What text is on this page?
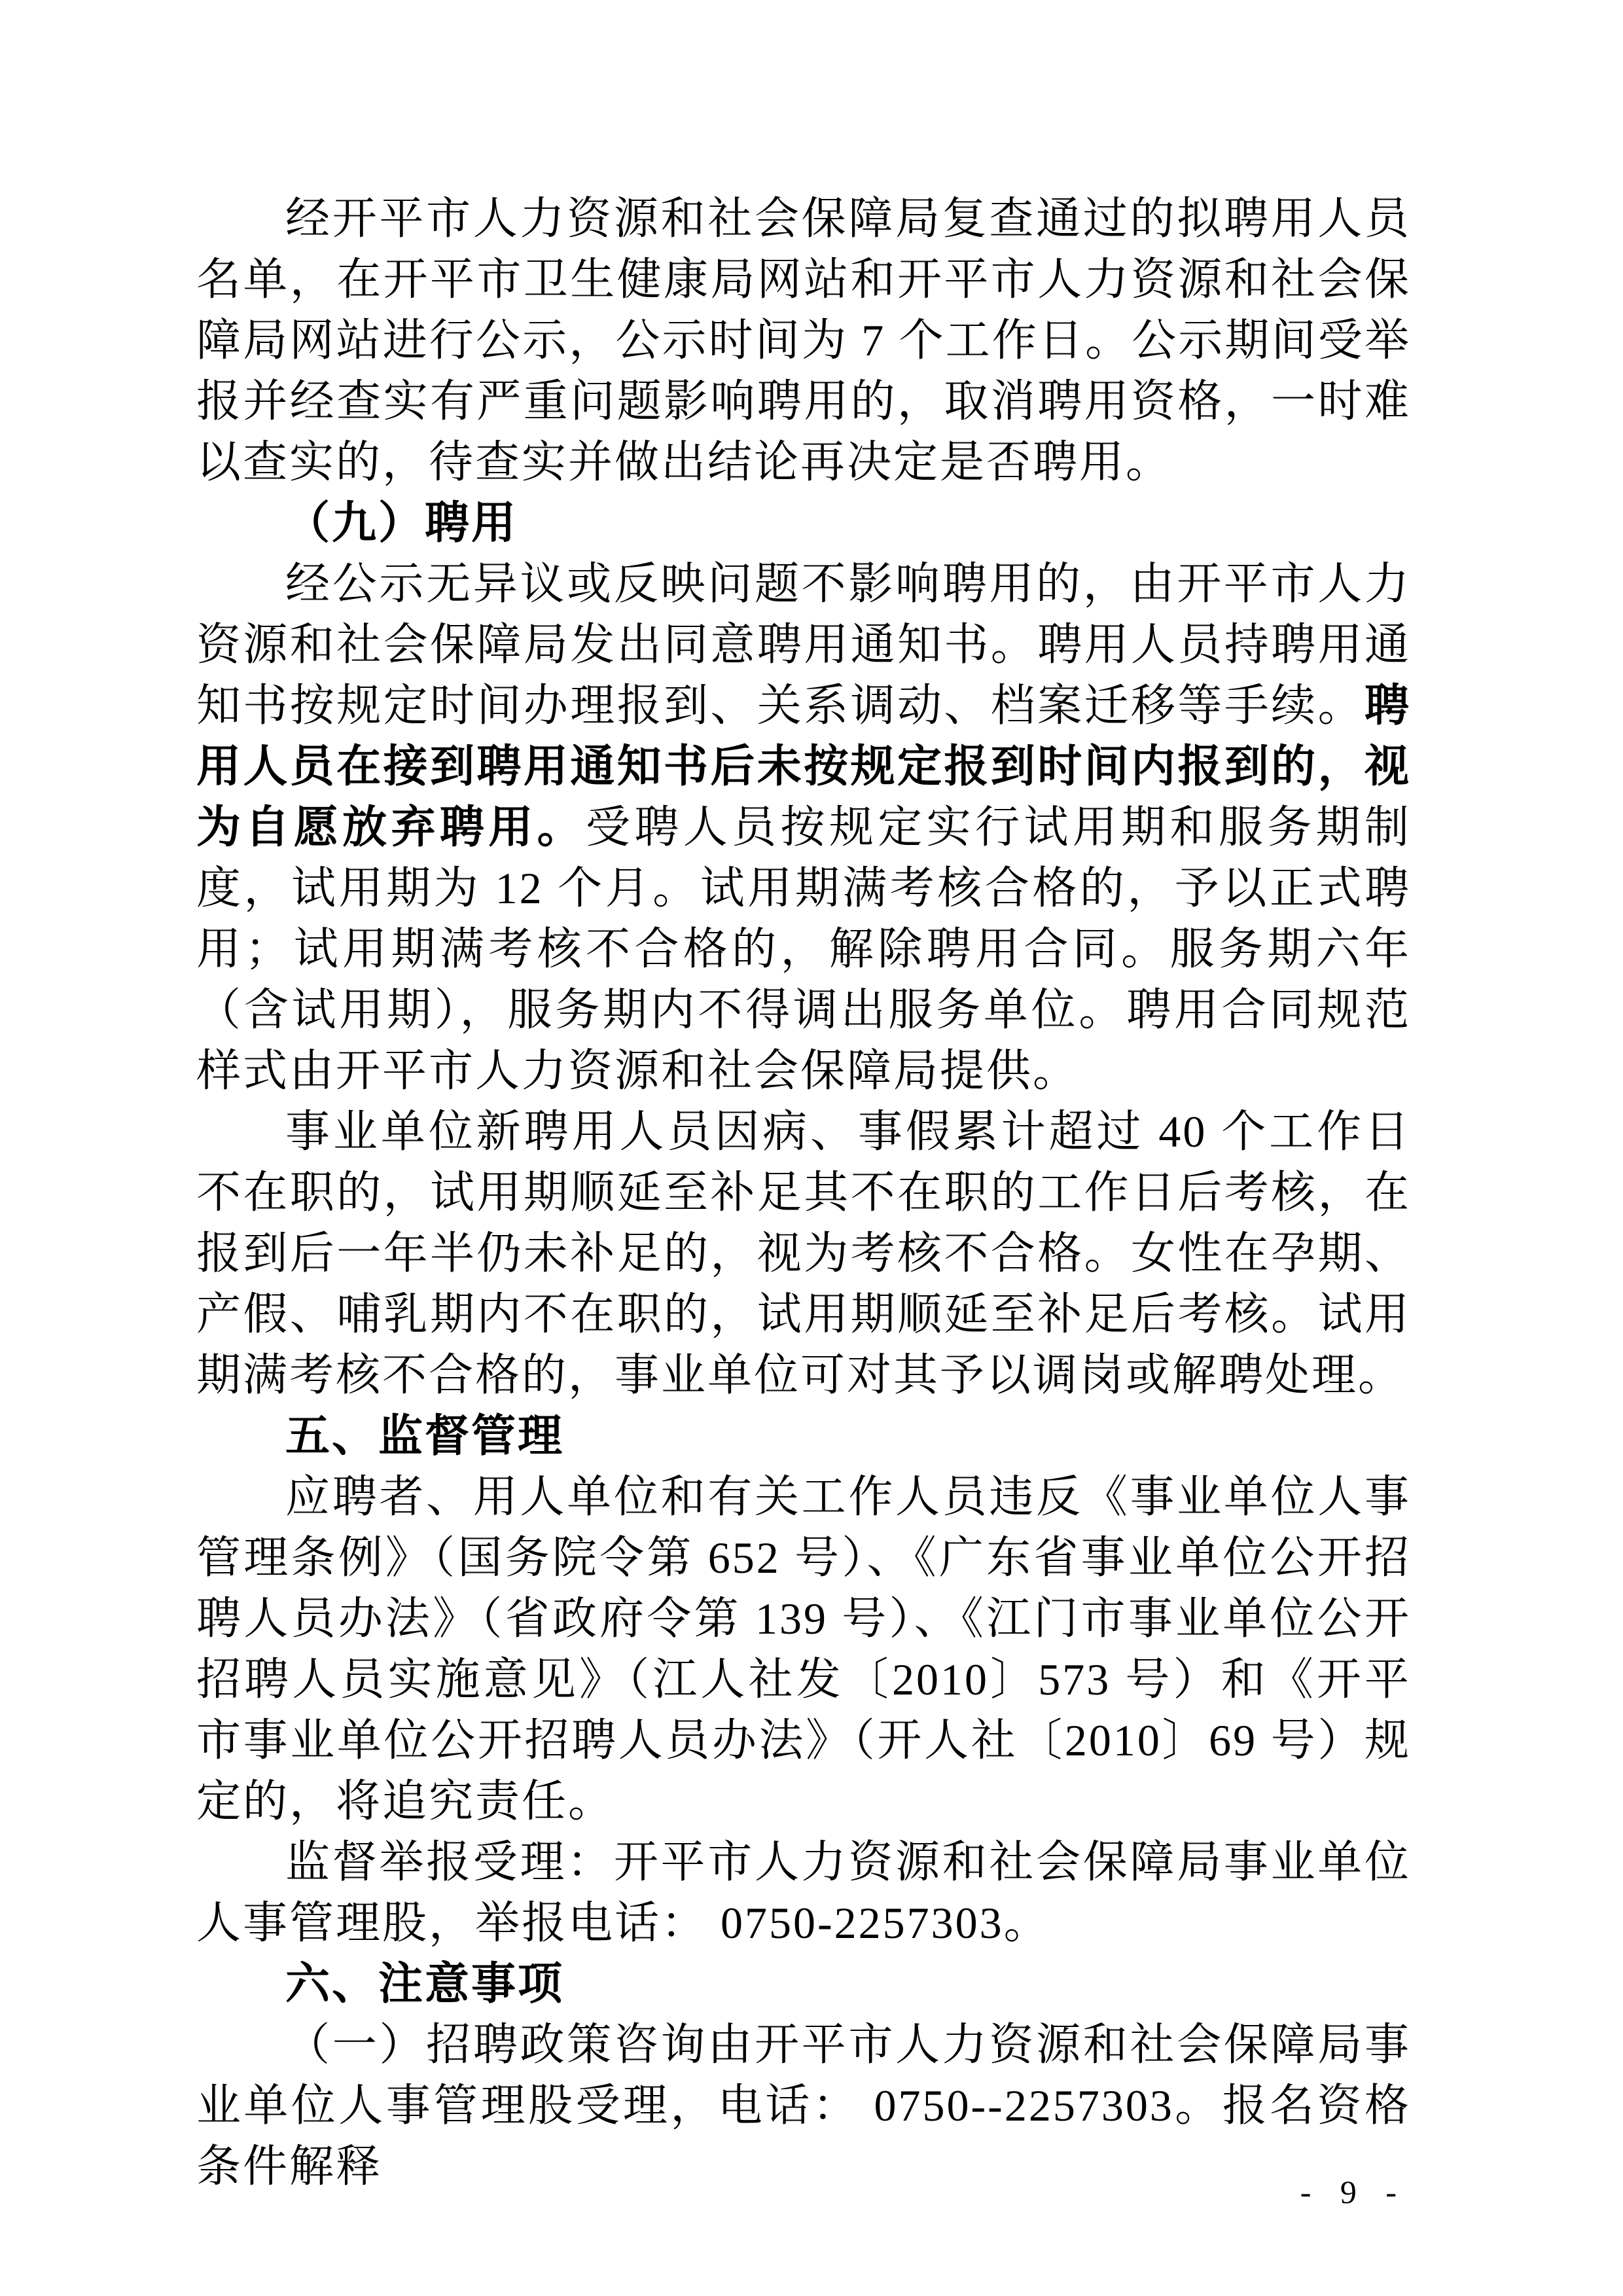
经开平市人力资源和社会保障局复查通过的拟聘用人员名单，在开平市卫生健康局网站和开平市人力资源和社会保障局网站进行公示，公示时间为 7 个工作日。公示期间受举报并经查实有严重问题影响聘用的，取消聘用资格，一时难以查实的，待查实并做出结论再决定是否聘用。

（九）聘用

经公示无异议或反映问题不影响聘用的，由开平市人力资源和社会保障局发出同意聘用通知书。聘用人员持聘用通知书按规定时间办理报到、关系调动、档案迁移等手续。聘用人员在接到聘用通知书后未按规定报到时间内报到的，视为自愿放弃聘用。受聘人员按规定实行试用期和服务期制度，试用期为 12 个月。试用期满考核合格的，予以正式聘用；试用期满考核不合格的，解除聘用合同。服务期六年（含试用期），服务期内不得调出服务单位。聘用合同规范样式由开平市人力资源和社会保障局提供。

事业单位新聘用人员因病、事假累计超过 40 个工作日不在职的，试用期顺延至补足其不在职的工作日后考核，在报到后一年半仍未补足的，视为考核不合格。女性在孕期、产假、哺乳期内不在职的，试用期顺延至补足后考核。试用期满考核不合格的，事业单位可对其予以调岗或解聘处理。

五、监督管理

应聘者、用人单位和有关工作人员违反《事业单位人事管理条例》（国务院令第 652 号）、《广东省事业单位公开招聘人员办法》（省政府令第 139 号）、《江门市事业单位公开招聘人员实施意见》（江人社发〔2010〕573 号）和《开平市事业单位公开招聘人员办法》（开人社〔2010〕69 号）规定的，将追究责任。

监督举报受理：开平市人力资源和社会保障局事业单位人事管理股，举报电话： 0750-2257303。

六、注意事项

（一）招聘政策咨询由开平市人力资源和社会保障局事业单位人事管理股受理，电话： 0750--2257303。报名资格条件解释

- 9 -
